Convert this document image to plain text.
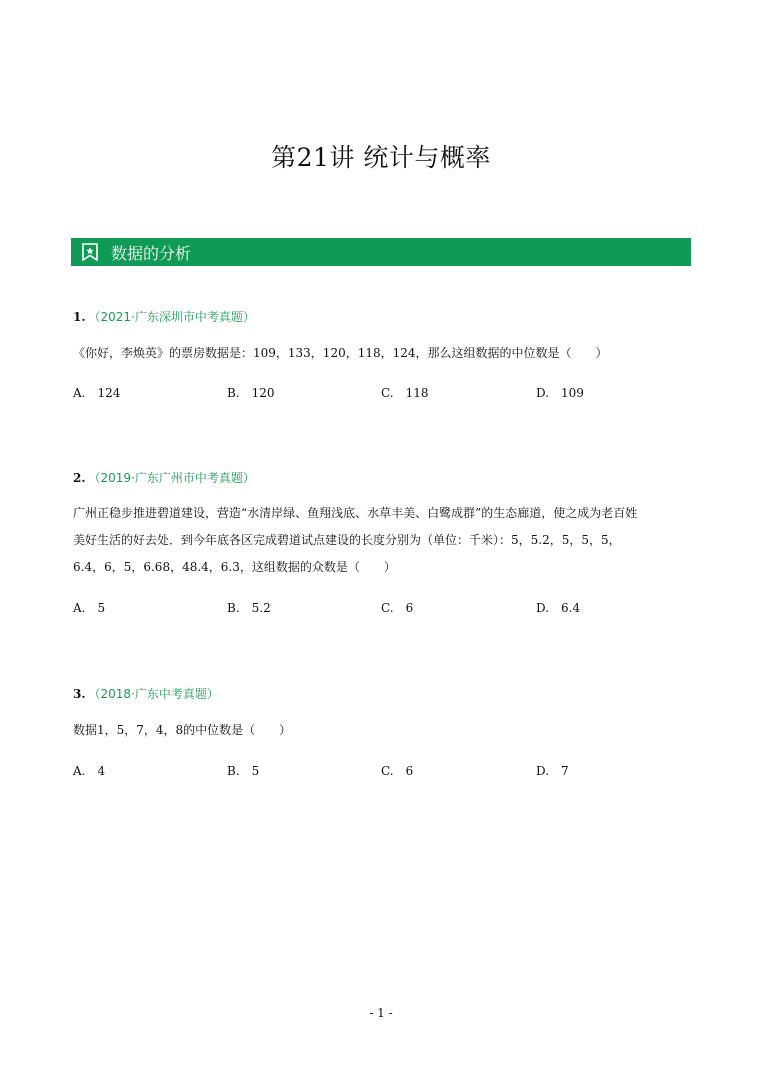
第21讲 统计与概率
数据的分析
1. （2021·广东深圳市中考真题）
《你好，李焕英》的票房数据是：109，133，120，118，124，那么这组数据的中位数是（　　）
A. 124	B. 120	C. 118	D. 109
2. （2019·广东广州市中考真题）
广州正稳步推进碧道建设，营造“水清岸绿、鱼翔浅底、水草丰美、白鹭成群”的生态廊道，使之成为老百姓
美好生活的好去处．到今年底各区完成碧道试点建设的长度分别为（单位：千米）：5，5.2，5，5，5，
6.4，6，5，6.68，48.4，6.3，这组数据的众数是（　　）
A. 5	B. 5.2	C. 6	D. 6.4
3. （2018·广东中考真题）
数据1，5，7，4，8的中位数是（　　）
A. 4	B. 5	C. 6	D. 7
- 1 -
